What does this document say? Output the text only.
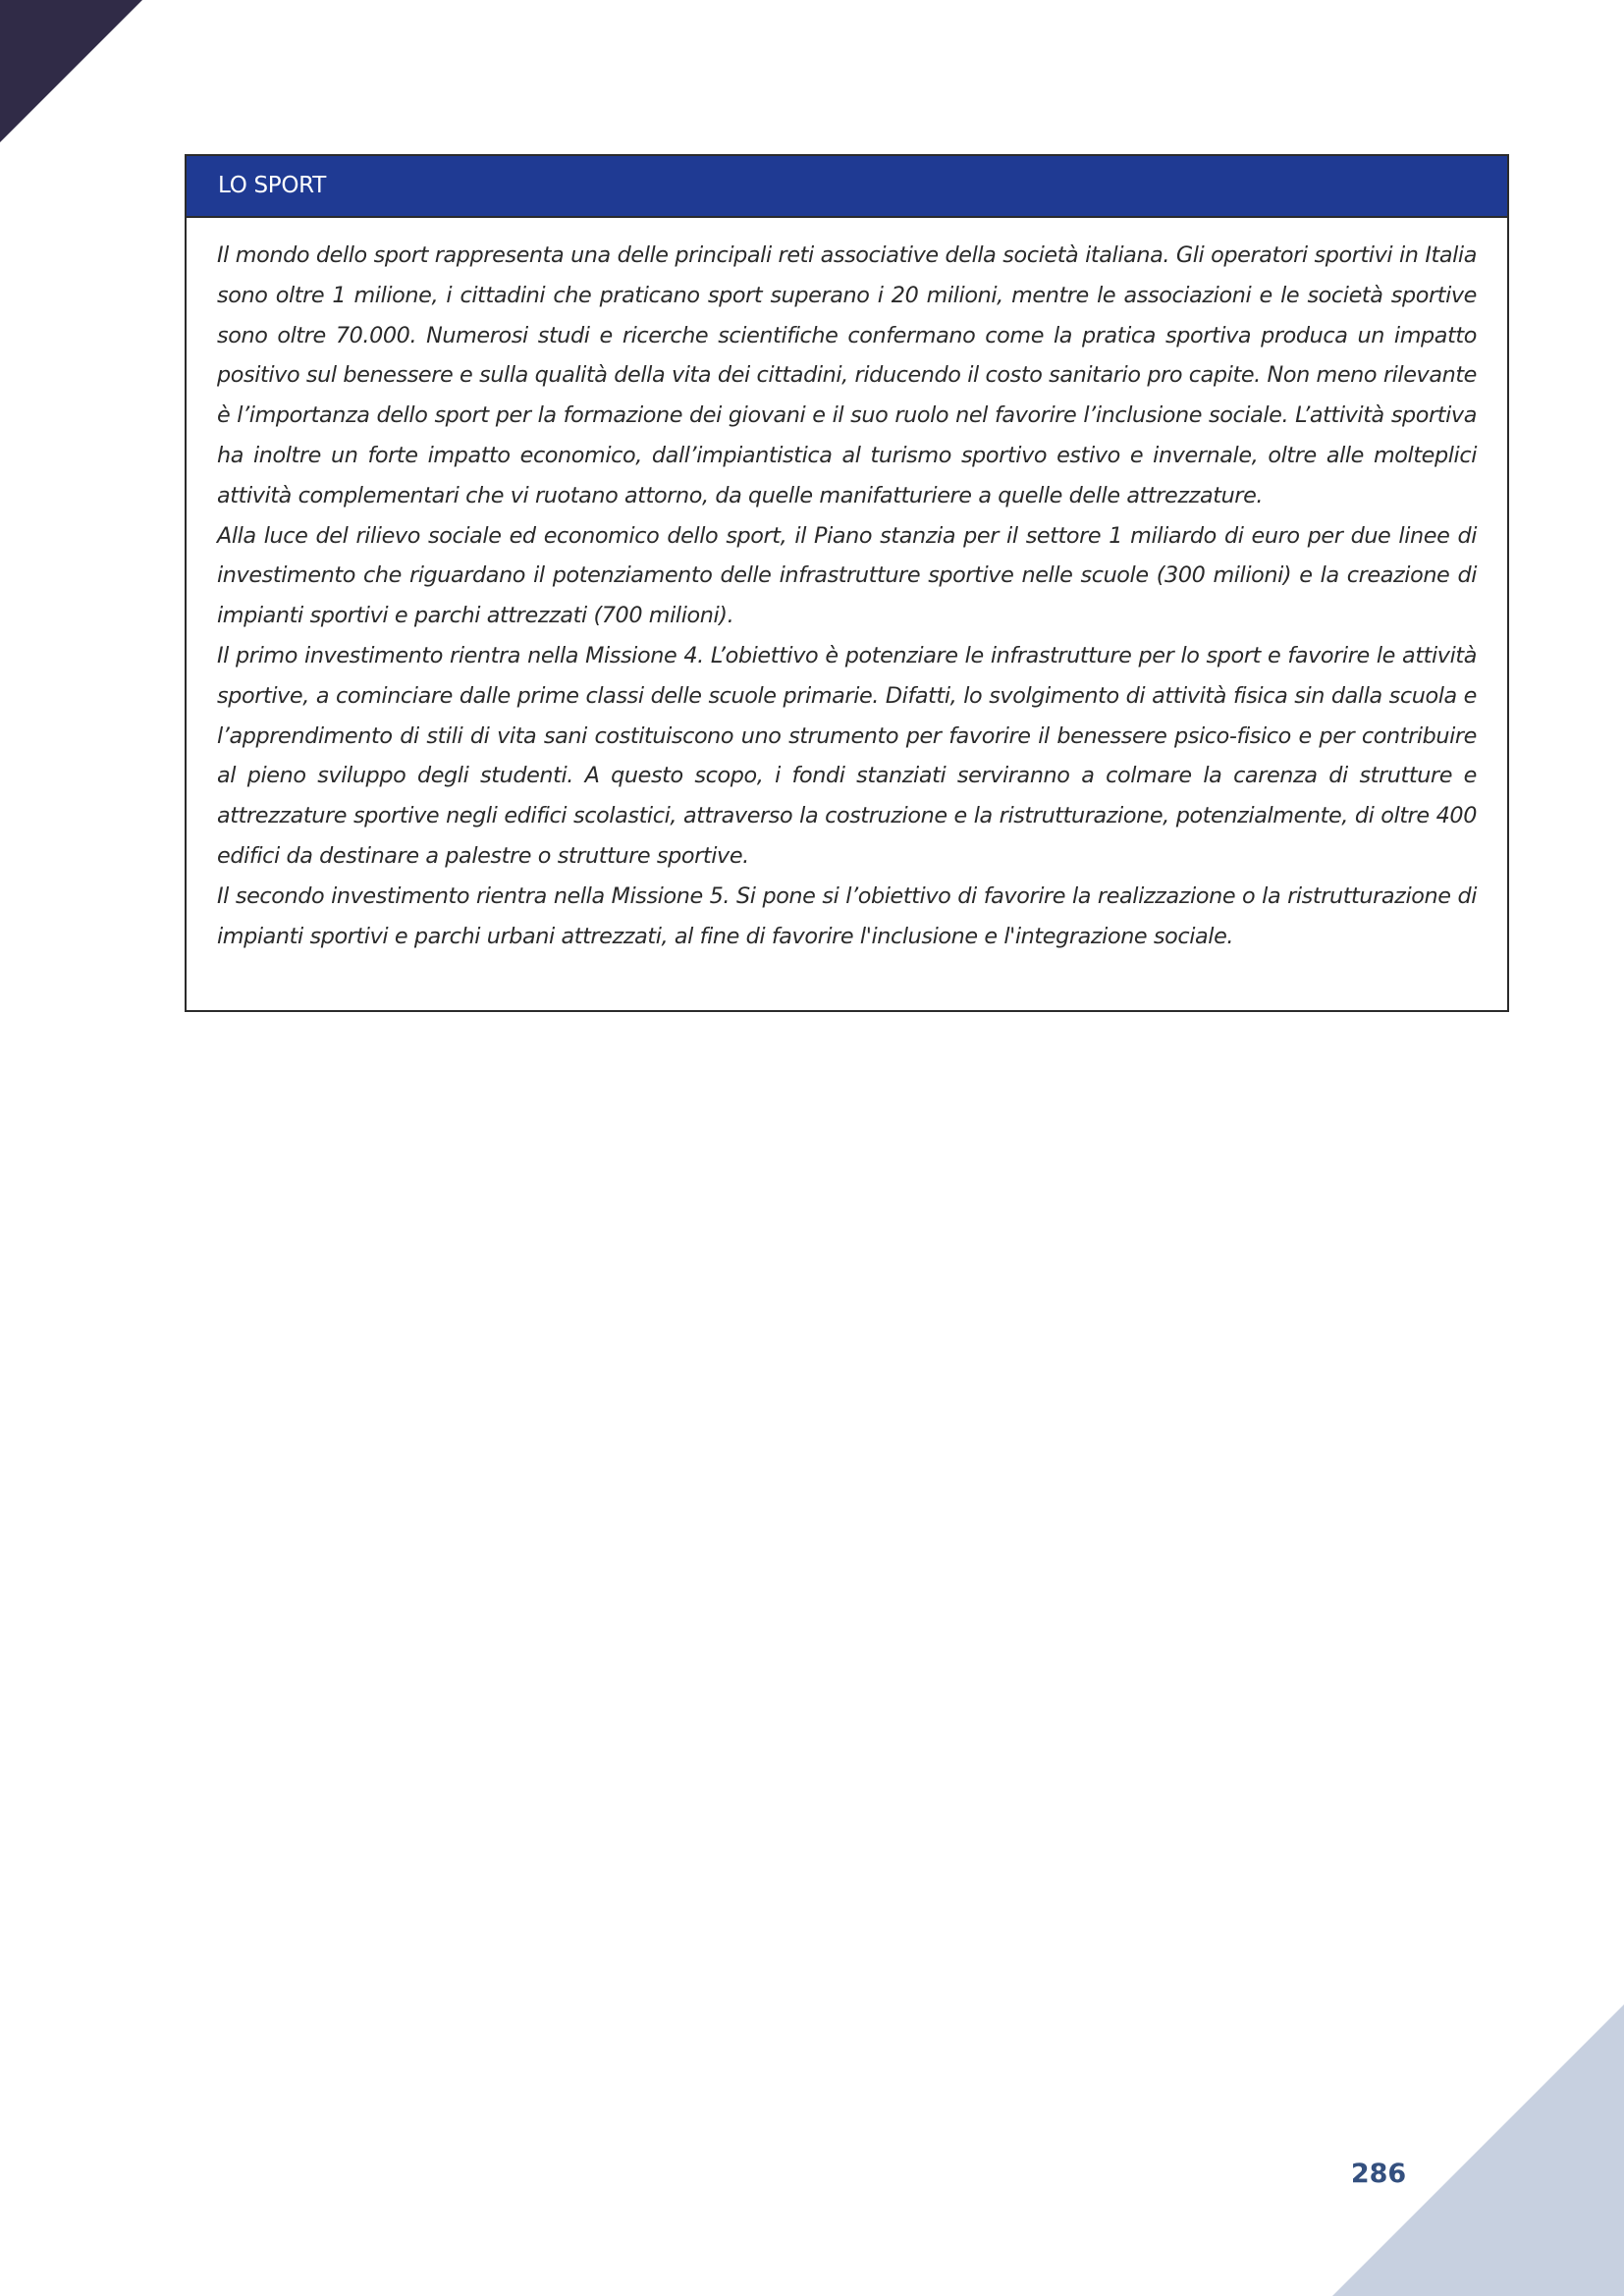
LO SPORT

Il mondo dello sport rappresenta una delle principali reti associative della società italiana. Gli operatori sportivi in Italia sono oltre 1 milione, i cittadini che praticano sport superano i 20 milioni, mentre le associazioni e le società sportive sono oltre 70.000. Numerosi studi e ricerche scientifiche confermano come la pratica sportiva produca un impatto positivo sul benessere e sulla qualità della vita dei cittadini, riducendo il costo sanitario pro capite. Non meno rilevante è l’importanza dello sport per la formazione dei giovani e il suo ruolo nel favorire l’inclusione sociale. L’attività sportiva ha inoltre un forte impatto economico, dall’impiantistica al turismo sportivo estivo e invernale, oltre alle molteplici attività complementari che vi ruotano attorno, da quelle manifatturiere a quelle delle attrezzature.

Alla luce del rilievo sociale ed economico dello sport, il Piano stanzia per il settore 1 miliardo di euro per due linee di investimento che riguardano il potenziamento delle infrastrutture sportive nelle scuole (300 milioni) e la creazione di impianti sportivi e parchi attrezzati (700 milioni).

Il primo investimento rientra nella Missione 4. L’obiettivo è potenziare le infrastrutture per lo sport e favorire le attività sportive, a cominciare dalle prime classi delle scuole primarie. Difatti, lo svolgimento di attività fisica sin dalla scuola e l’apprendimento di stili di vita sani costituiscono uno strumento per favorire il benessere psico-fisico e per contribuire al pieno sviluppo degli studenti. A questo scopo, i fondi stanziati serviranno a colmare la carenza di strutture e attrezzature sportive negli edifici scolastici, attraverso la costruzione e la ristrutturazione, potenzialmente, di oltre 400 edifici da destinare a palestre o strutture sportive.

Il secondo investimento rientra nella Missione 5. Si pone si l’obiettivo di favorire la realizzazione o la ristrutturazione di impianti sportivi e parchi urbani attrezzati, al fine di favorire l'inclusione e l'integrazione sociale.

286
